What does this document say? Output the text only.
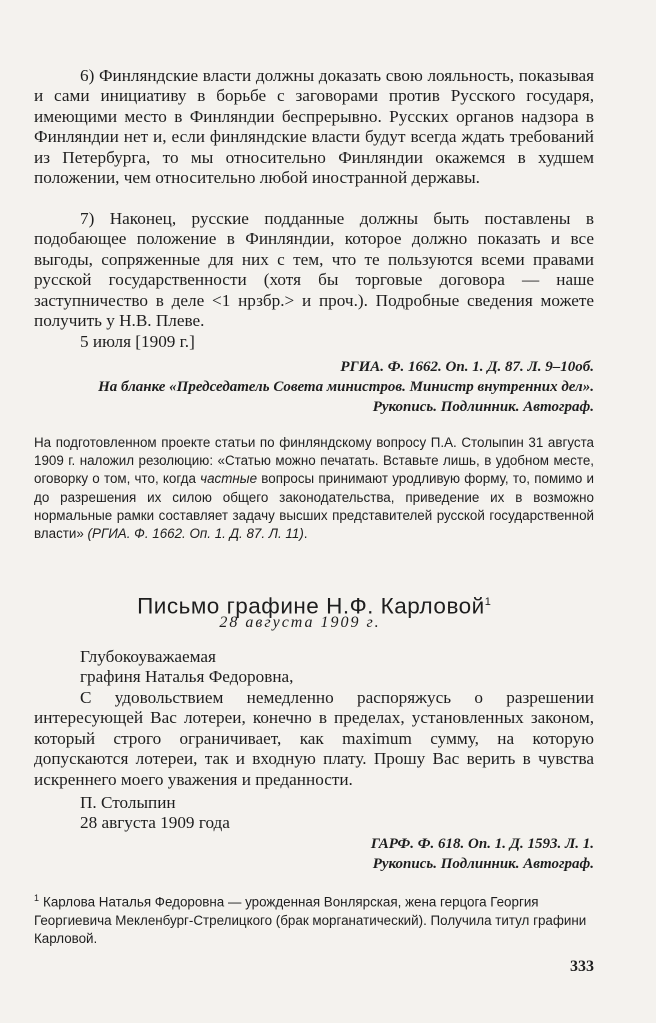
6) Финляндские власти должны доказать свою лояльность, показывая и сами инициативу в борьбе с заговорами против Русского государя, имеющими место в Финляндии беспрерывно. Русских органов надзора в Финляндии нет и, если финляндские власти будут всегда ждать требований из Петербурга, то мы относительно Финляндии окажемся в худшем положении, чем относительно любой иностранной державы.

7) Наконец, русские подданные должны быть поставлены в подобающее положение в Финляндии, которое должно показать и все выгоды, сопряженные для них с тем, что те пользуются всеми правами русской государственности (хотя бы торговые договора — наше заступничество в деле <1 нрзбр.> и проч.). Подробные сведения можете получить у Н.В. Плеве.

5 июля [1909 г.]

РГИА. Ф. 1662. Оп. 1. Д. 87. Л. 9–10об.

На бланке «Председатель Совета министров. Министр внутренних дел».

Рукопись. Подлинник. Автограф.

На подготовленном проекте статьи по финляндскому вопросу П.А. Столыпин 31 августа 1909 г. наложил резолюцию: «Статью можно печатать. Вставьте лишь, в удобном месте, оговорку о том, что, когда частные вопросы принимают уродливую форму, то, помимо и до разрешения их силою общего законодательства, приведение их в возможно нормальные рамки составляет задачу высших представителей русской государственной власти» (РГИА. Ф. 1662. Оп. 1. Д. 87. Л. 11).

Письмо графине Н.Ф. Карловой$^1$

28 августа 1909 г.

Глубокоуважаемая

графиня Наталья Федоровна,

С удовольствием немедленно распоряжусь о разрешении интересующей Вас лотереи, конечно в пределах, установленных законом, который строго ограничивает, как maximum сумму, на которую допускаются лотереи, так и входную плату. Прошу Вас верить в чувства искреннего моего уважения и преданности.

П. Столыпин

28 августа 1909 года

ГАРФ. Ф. 618. Оп. 1. Д. 1593. Л. 1.

Рукопись. Подлинник. Автограф.

$^1$ Карлова Наталья Федоровна — урожденная Вонлярская, жена герцога Георгия Георгиевича Мекленбург-Стрелицкого (брак морганатический). Получила титул графини Карловой.

333
